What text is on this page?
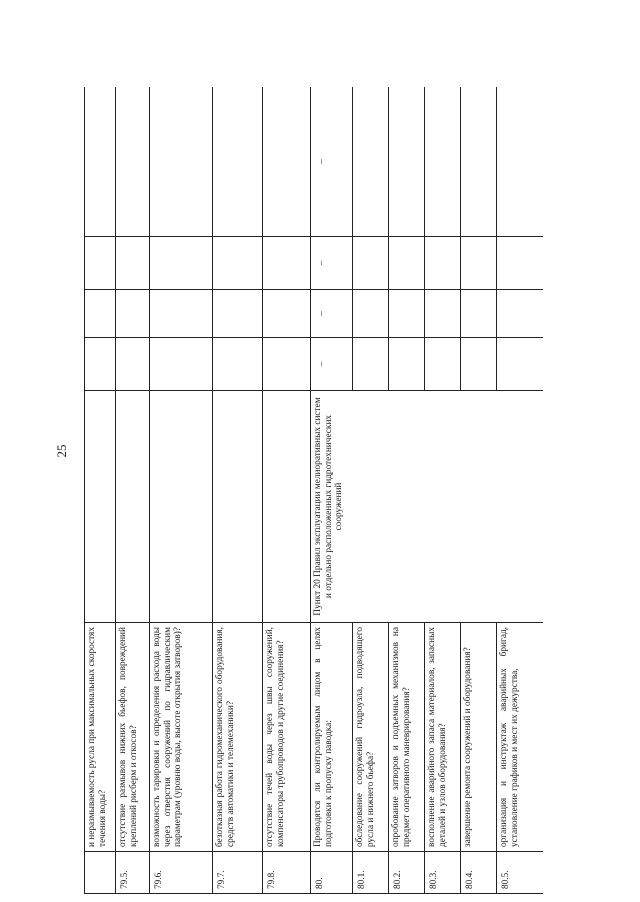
25
	и неразмываемость русла при максимальных скоростях течения воды?					
79.5.	отсутствие размывов нижних бьефов, повреждений креплений рисберм и откосов?					
79.6.	возможность тарировки и определения расхода воды через отверстия сооружений по гидравлическим параметрам (уровню воды, высоте открытия затворов)?					
79.7.	безотказная работа гидромеханического оборудования, средств автоматики и телемеханики?					
79.8.	отсутствие течей воды через швы сооружений, компенсаторы трубопроводов и другие соединения?					
80.	Проводятся ли контролируемым лицом в целях подготовки к пропуску паводка:	Пункт 20 Правил эксплуатации мелиоративных систем и отдельно расположенных гидротехнических сооружений	–	–	–	–
80.1.	обследование сооружений гидроузла, подводящего русла и нижнего бьефа?					
80.2.	опробование затворов и подъемных механизмов на предмет оперативного маневрирования?					
80.3.	восполнение аварийного запаса материалов, запасных деталей и узлов оборудования?					
80.4.	завершение ремонта сооружений и оборудования?					
80.5.	организация и инструктаж аварийных бригад, установление графиков и мест их дежурства,					
